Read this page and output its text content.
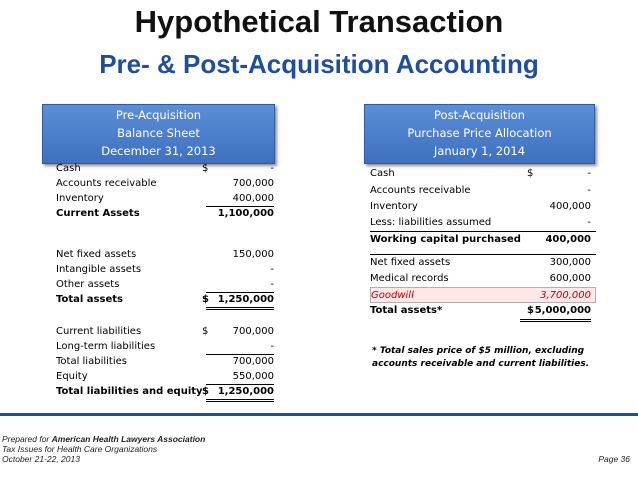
Hypothetical Transaction
Pre- & Post-Acquisition Accounting
Pre-Acquisition
Balance Sheet
December 31, 2013
Post-Acquisition
Purchase Price Allocation
January 1, 2014
Cash	$	-
Accounts receivable	700,000
Inventory	400,000
Current Assets	1,100,000
Net fixed assets	150,000
Intangible assets	-
Other assets	-
Total assets	$ 1,250,000
Current liabilities	$	700,000
Long-term liabilities	-
Total liabilities	700,000
Equity	550,000
Total liabilities and equity $ 1,250,000
Cash	$	-
Accounts receivable	-
Inventory	400,000
Less: liabilities assumed	-
Working capital purchased	400,000
Net fixed assets	300,000
Medical records	600,000
Goodwill	3,700,000
Total assets*	$ 5,000,000
* Total sales price of $5 million, excluding
accounts receivable and current liabilities.
Prepared for American Health Lawyers Association
Tax Issues for Health Care Organizations
October 21-22, 2013	Page 36
